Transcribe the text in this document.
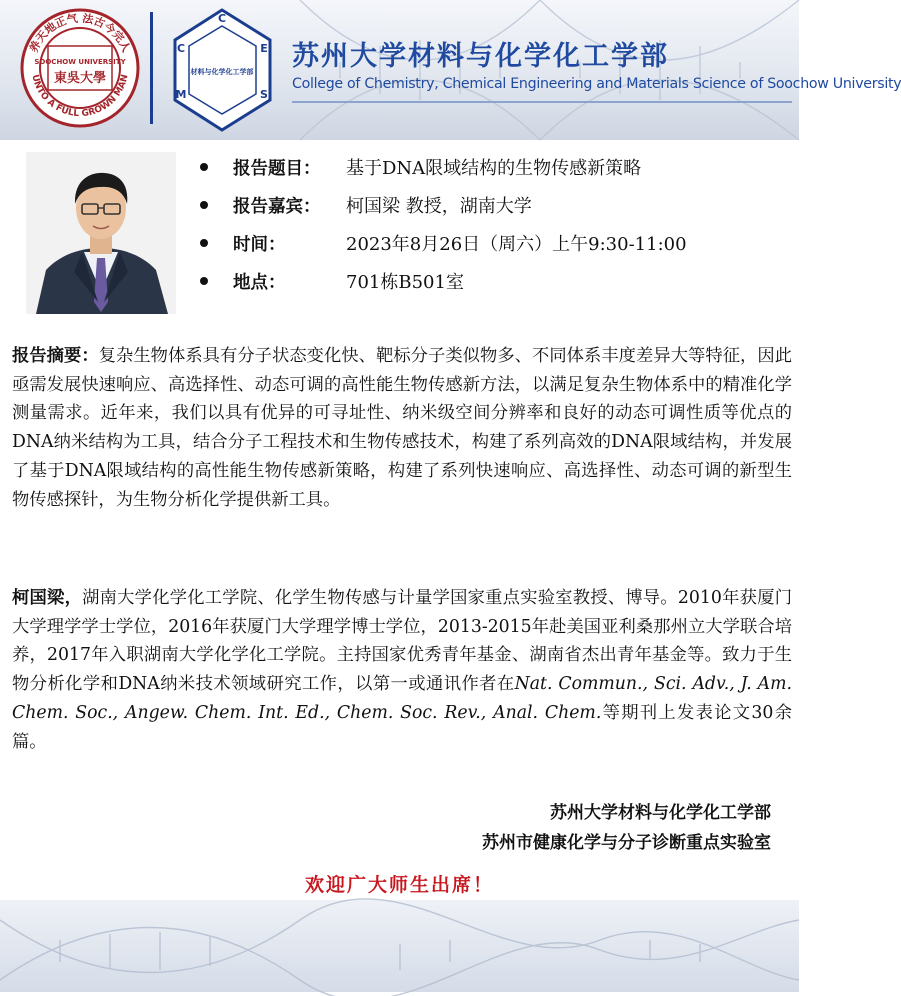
养天地正气 法古今完人
UNTO A FULL GROWN MAN
SOOCHOW UNIVERSITY
東吳大學
C
C	E
M	S
材料与化学化工学部 苏州大学材料与化学化工学部
College of Chemistry, Chemical Engineering and Materials Science of Soochow University
报告题目： 基于DNA限域结构的生物传感新策略
报告嘉宾： 柯国梁 教授，湖南大学
时间：	2023年8月26日（周六）上午9:30-11:00
地点：	701栋B501室

报告摘要：复杂生物体系具有分子状态变化快、靶标分子类似物多、不同体系丰度差异大等特征，因此亟需发展快速响应、高选择性、动态可调的高性能生物传感新方法，以满足复杂生物体系中的精准化学测量需求。近年来，我们以具有优异的可寻址性、纳米级空间分辨率和良好的动态可调性质等优点的DNA纳米结构为工具，结合分子工程技术和生物传感技术，构建了系列高效的DNA限域结构，并发展了基于DNA限域结构的高性能生物传感新策略，构建了系列快速响应、高选择性、动态可调的新型生物传感探针，为生物分析化学提供新工具。

柯国梁，湖南大学化学化工学院、化学生物传感与计量学国家重点实验室教授、博导。2010年获厦门大学理学学士学位，2016年获厦门大学理学博士学位，2013-2015年赴美国亚利桑那州立大学联合培养，2017年入职湖南大学化学化工学院。主持国家优秀青年基金、湖南省杰出青年基金等。致力于生物分析化学和DNA纳米技术领域研究工作，以第一或通讯作者在Nat. Commun., Sci. Adv., J. Am. Chem. Soc., Angew. Chem. Int. Ed., Chem. Soc. Rev., Anal. Chem.等期刊上发表论文30余篇。

苏州大学材料与化学化工学部
苏州市健康化学与分子诊断重点实验室
欢迎广大师生出席！
